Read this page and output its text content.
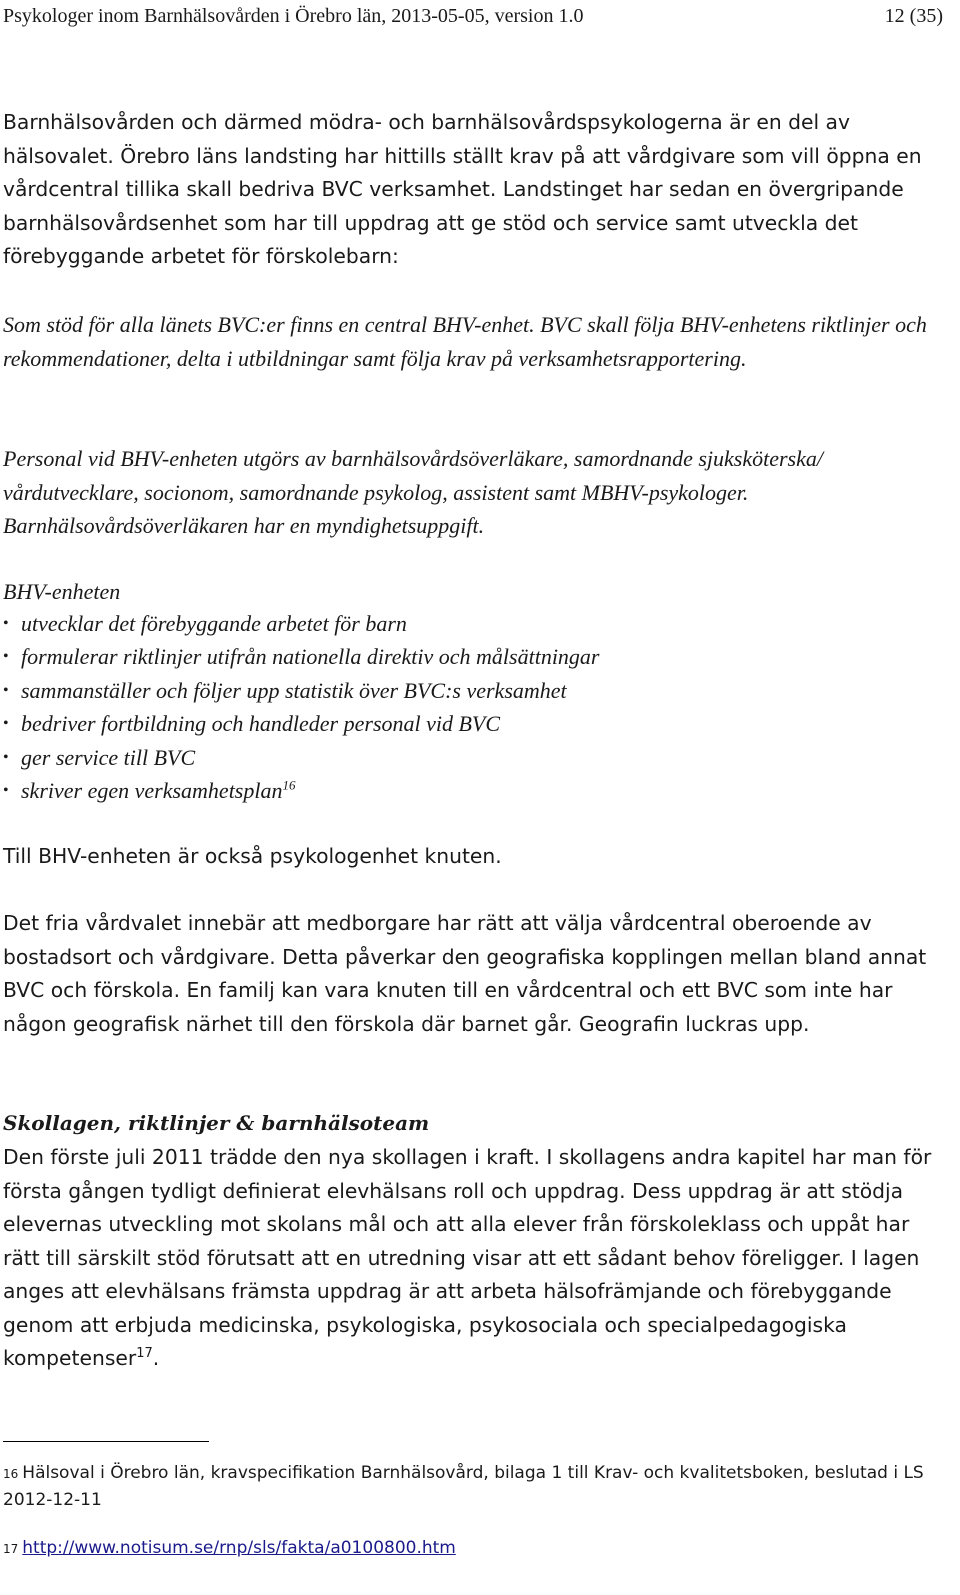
Psykologer inom Barnhälsovården i Örebro län, 2013-05-05, version 1.0	12 (35)

Barnhälsovården och därmed mödra- och barnhälsovårdspsykologerna är en del av hälsovalet. Örebro läns landsting har hittills ställt krav på att vårdgivare som vill öppna en vårdcentral tillika skall bedriva BVC verksamhet. Landstinget har sedan en övergripande barnhälsovårdsenhet som har till uppdrag att ge stöd och service samt utveckla det förebyggande arbetet för förskolebarn:

Som stöd för alla länets BVC:er finns en central BHV-enhet. BVC skall följa BHV-enhetens riktlinjer och rekommendationer, delta i utbildningar samt följa krav på verksamhetsrapportering.

Personal vid BHV-enheten utgörs av barnhälsovårdsöverläkare, samordnande sjuksköterska/ vårdutvecklare, socionom, samordnande psykolog, assistent samt MBHV-psykologer. Barnhälsovårdsöverläkaren har en myndighetsuppgift.

BHV-enheten

• utvecklar det förebyggande arbetet för barn
• formulerar riktlinjer utifrån nationella direktiv och målsättningar
• sammanställer och följer upp statistik över BVC:s verksamhet
• bedriver fortbildning och handleder personal vid BVC
• ger service till BVC
• skriver egen verksamhetsplan$^{16}$

Till BHV-enheten är också psykologenhet knuten.

Det fria vårdvalet innebär att medborgare har rätt att välja vårdcentral oberoende av bostadsort och vårdgivare. Detta påverkar den geografiska kopplingen mellan bland annat BVC och förskola. En familj kan vara knuten till en vårdcentral och ett BVC som inte har någon geografisk närhet till den förskola där barnet går. Geografin luckras upp.

Skollagen, riktlinjer & barnhälsoteam

Den förste juli 2011 trädde den nya skollagen i kraft. I skollagens andra kapitel har man för första gången tydligt definierat elevhälsans roll och uppdrag. Dess uppdrag är att stödja elevernas utveckling mot skolans mål och att alla elever från förskoleklass och uppåt har rätt till särskilt stöd förutsatt att en utredning visar att ett sådant behov föreligger. I lagen anges att elevhälsans främsta uppdrag är att arbeta hälsofrämjande och förebyggande genom att erbjuda medicinska, psykologiska, psykosociala och specialpedagogiska kompetenser$^{17}$.

$^{16}$ Hälsoval i Örebro län, kravspecifikation Barnhälsovård, bilaga 1 till Krav- och kvalitetsboken, beslutad i LS 2012-12-11
$^{17}$ http://www.notisum.se/rnp/sls/fakta/a0100800.htm
